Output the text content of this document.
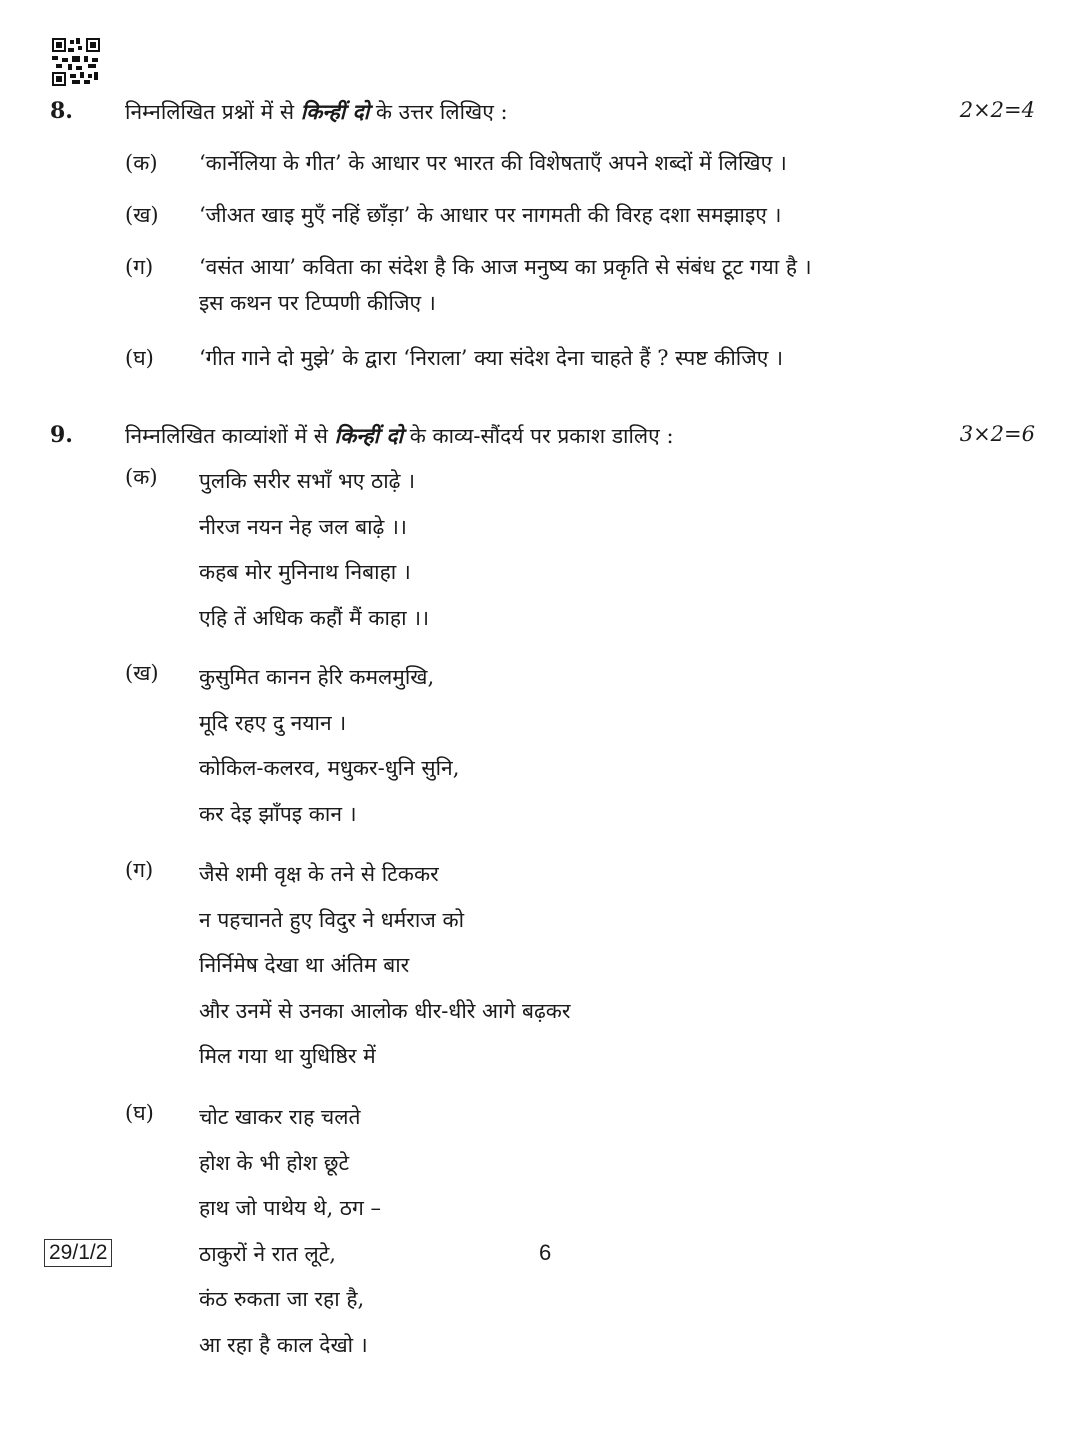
8. निम्नलिखित प्रश्नों में से किन्हीं दो के उत्तर लिखिए :	2×2=4
(क)	‘कार्नेलिया के गीत’ के आधार पर भारत की विशेषताएँ अपने शब्दों में लिखिए ।
(ख)	‘जीअत खाइ मुएँ नहिं छाँड़ा’ के आधार पर नागमती की विरह दशा समझाइए ।
(ग)	‘वसंत आया’ कविता का संदेश है कि आज मनुष्य का प्रकृति से संबंध टूट गया है ।
इस कथन पर टिप्पणी कीजिए ।
(घ)	‘गीत गाने दो मुझे’ के द्वारा ‘निराला’ क्या संदेश देना चाहते हैं ? स्पष्ट कीजिए ।
9. निम्नलिखित काव्यांशों में से किन्हीं दो के काव्य-सौंदर्य पर प्रकाश डालिए :	3×2=6
(क)	पुलकि सरीर सभाँ भए ठाढ़े ।
नीरज नयन नेह जल बाढ़े ।।
कहब मोर मुनिनाथ निबाहा ।
एहि तें अधिक कहौं मैं काहा ।।
(ख)	कुसुमित कानन हेरि कमलमुखि,
मूदि रहए दु नयान ।
कोकिल-कलरव, मधुकर-धुनि सुनि,
कर देइ झाँपइ कान ।
(ग)	जैसे शमी वृक्ष के तने से टिककर
न पहचानते हुए विदुर ने धर्मराज को
निर्निमेष देखा था अंतिम बार
और उनमें से उनका आलोक धीर-धीरे आगे बढ़कर
मिल गया था युधिष्ठिर में
(घ)	चोट खाकर राह चलते
होश के भी होश छूटे
हाथ जो पाथेय थे, ठग –
ठाकुरों ने रात लूटे,
कंठ रुकता जा रहा है,
आ रहा है काल देखो ।
29/1/2	6
